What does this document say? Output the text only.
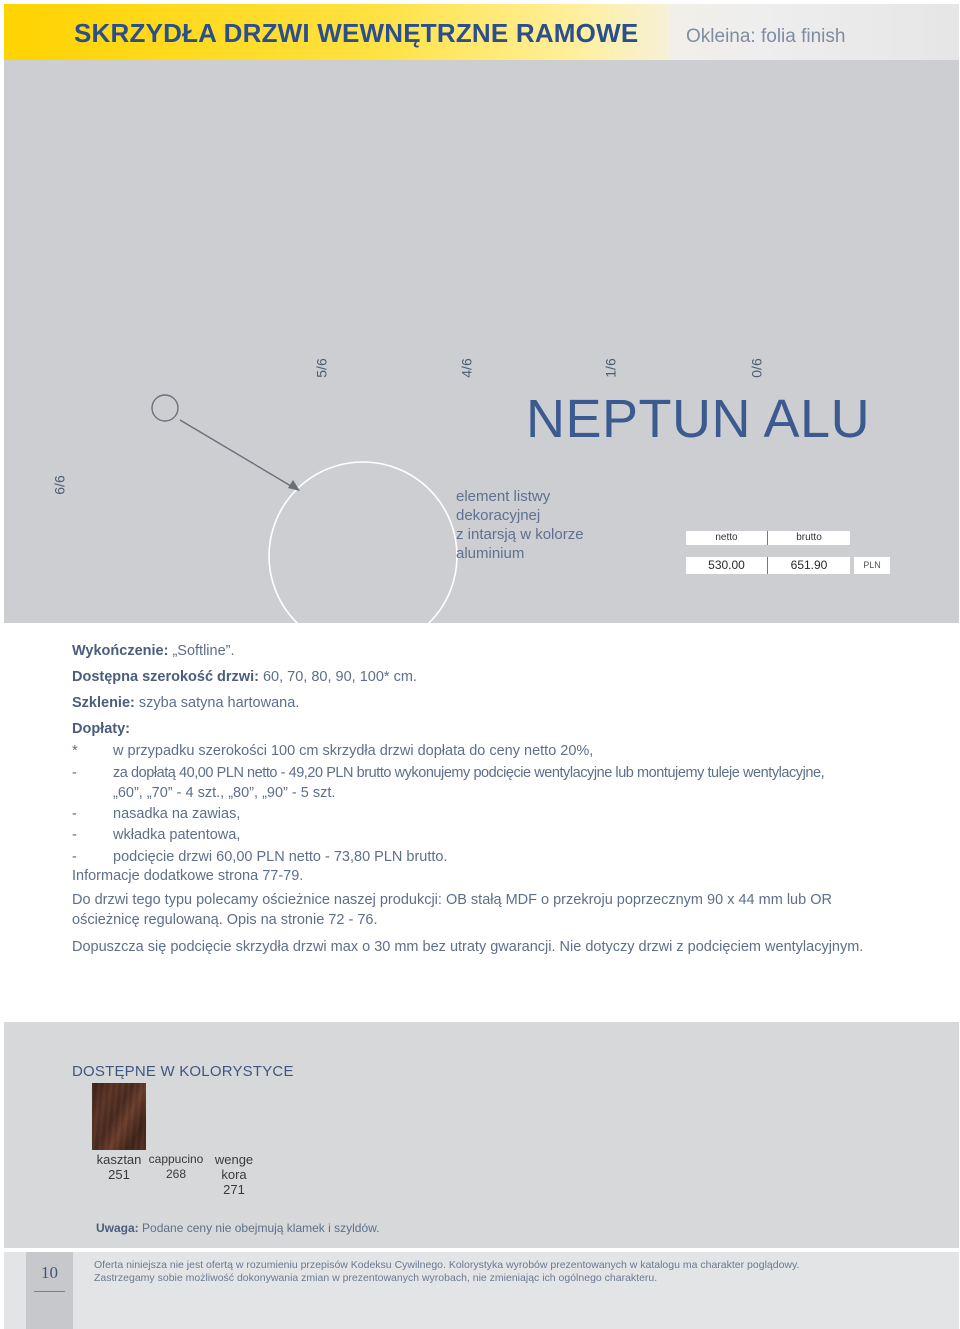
SKRZYDŁA DRZWI WEWNĘTRZNE RAMOWE	Okleina: folia finish
6/6
5/6	4/6	1/6	0/6
NEPTUN ALU
element listwy
dekoracyjnej
z intarsją w kolorze
aluminium
netto	brutto
530.00	651.90	PLN
Wykończenie: „Softline”.
Dostępna szerokość drzwi: 60, 70, 80, 90, 100* cm.
Szklenie: szyba satyna hartowana.
Dopłaty:
* w przypadku szerokości 100 cm skrzydła drzwi dopłata do ceny netto 20%,
- za dopłatą 40,00 PLN netto - 49,20 PLN brutto wykonujemy podcięcie wentylacyjne lub montujemy tuleje wentylacyjne,
„60”, „70” - 4 szt., „80”, „90” - 5 szt.
- nasadka na zawias,
- wkładka patentowa,
- podcięcie drzwi 60,00 PLN netto - 73,80 PLN brutto.
Informacje dodatkowe strona 77-79.
Do drzwi tego typu polecamy ościeżnice naszej produkcji: OB stałą MDF o przekroju poprzecznym 90 x 44 mm lub OR
ościeżnicę regulowaną. Opis na stronie 72 - 76.
Dopuszcza się podcięcie skrzydła drzwi max o 30 mm bez utraty gwarancji. Nie dotyczy drzwi z podcięciem wentylacyjnym.
DOSTĘPNE W KOLORYSTYCE
kasztan
251
cappucino
268
wenge
kora
271
Uwaga: Podane ceny nie obejmują klamek i szyldów.
10	Oferta niniejsza nie jest ofertą w rozumieniu przepisów Kodeksu Cywilnego. Kolorystyka wyrobów prezentowanych w katalogu ma charakter poglądowy.
Zastrzegamy sobie możliwość dokonywania zmian w prezentowanych wyrobach, nie zmieniając ich ogólnego charakteru.
